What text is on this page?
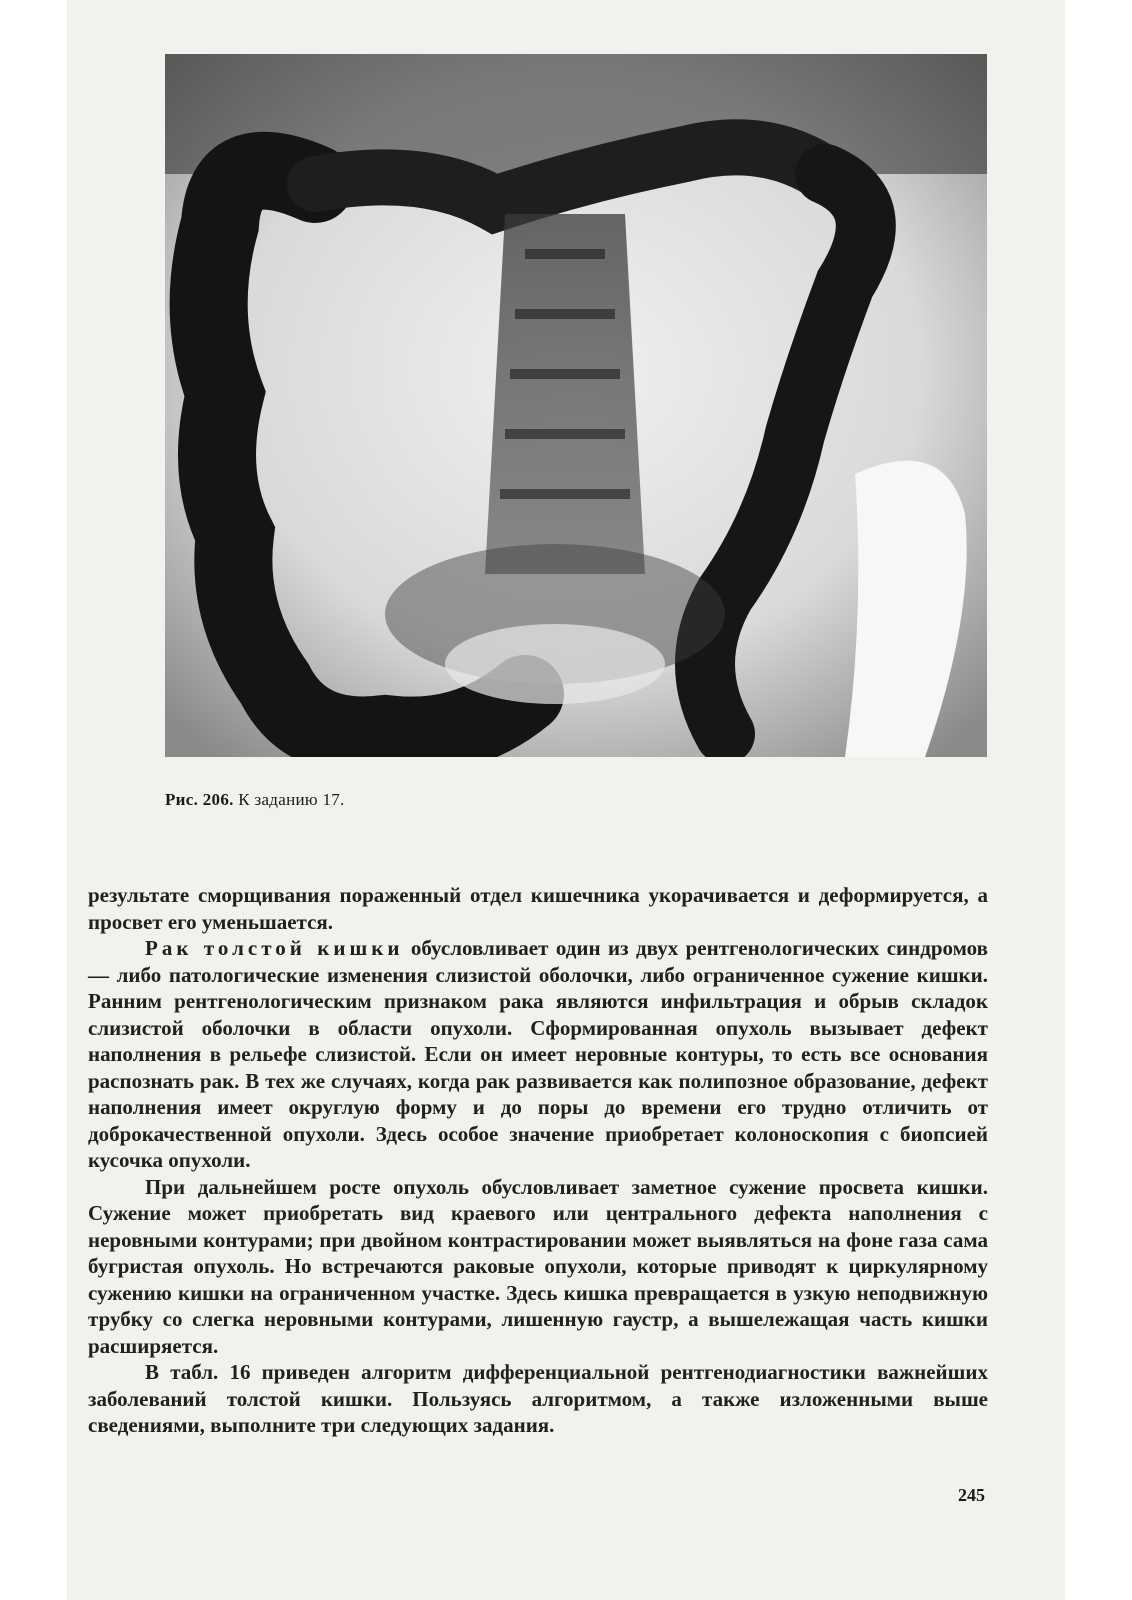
Рис. 206. К заданию 17.

результате сморщивания пораженный отдел кишечника укорачивается и деформируется, а просвет его уменьшается.

Рак толстой кишки обусловливает один из двух рентгенологических синдромов — либо патологические изменения слизистой оболочки, либо ограниченное сужение кишки. Ранним рентгенологическим признаком рака являются инфильтрация и обрыв складок слизистой оболочки в области опухоли. Сформированная опухоль вызывает дефект наполнения в рельефе слизистой. Если он имеет неровные контуры, то есть все основания распознать рак. В тех же случаях, когда рак развивается как полипозное образование, дефект наполнения имеет округлую форму и до поры до времени его трудно отличить от доброкачественной опухоли. Здесь особое значение приобретает колоноскопия с биопсией кусочка опухоли.

При дальнейшем росте опухоль обусловливает заметное сужение просвета кишки. Сужение может приобретать вид краевого или центрального дефекта наполнения с неровными контурами; при двойном контрастировании может выявляться на фоне газа сама бугристая опухоль. Но встречаются раковые опухоли, которые приводят к циркулярному сужению кишки на ограниченном участке. Здесь кишка превращается в узкую неподвижную трубку со слегка неровными контурами, лишенную гаустр, а вышележащая часть кишки расширяется.

В табл. 16 приведен алгоритм дифференциальной рентгенодиагностики важнейших заболеваний толстой кишки. Пользуясь алгоритмом, а также изложенными выше сведениями, выполните три следующих задания.

245
